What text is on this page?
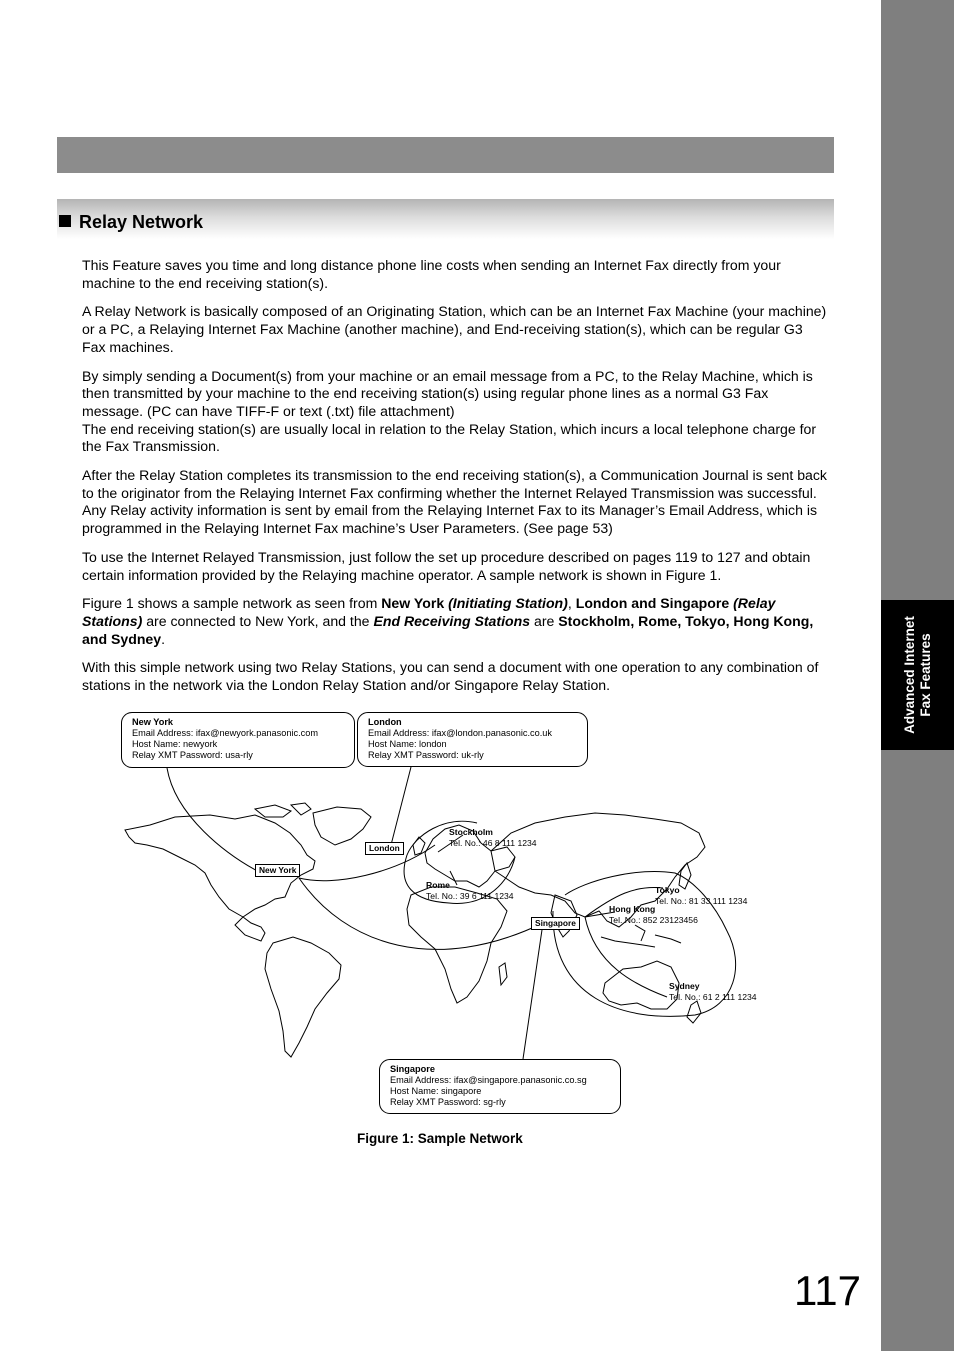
Advanced Internet Fax Features
Relay Network

This Feature saves you time and long distance phone line costs when sending an Internet Fax directly from your machine to the end receiving station(s).

A Relay Network is basically composed of an Originating Station, which can be an Internet Fax Machine (your machine) or a PC, a Relaying Internet Fax Machine (another machine), and End-receiving station(s), which can be regular G3 Fax machines.

By simply sending a Document(s) from your machine or an email message from a PC, to the Relay Machine, which is then transmitted by your machine to the end receiving station(s) using regular phone lines as a normal G3 Fax message. (PC can have TIFF-F or text (.txt) file attachment)

The end receiving station(s) are usually local in relation to the Relay Station, which incurs a local telephone charge for the Fax Transmission.

After the Relay Station completes its transmission to the end receiving station(s), a Communication Journal is sent back to the originator from the Relaying Internet Fax confirming whether the Internet Relayed Transmission was successful. Any Relay activity information is sent by email from the Relaying Internet Fax to its Manager’s Email Address, which is programmed in the Relaying Internet Fax machine’s User Parameters. (See page 53)

To use the Internet Relayed Transmission, just follow the set up procedure described on pages 119 to 127 and obtain certain information provided by the Relaying machine operator. A sample network is shown in Figure 1.

Figure 1 shows a sample network as seen from New York (Initiating Station), London and Singapore (Relay Stations) are connected to New York, and the End Receiving Stations are Stockholm, Rome, Tokyo, Hong Kong, and Sydney.

With this simple network using two Relay Stations, you can send a document with one operation to any combination of stations in the network via the London Relay Station and/or Singapore Relay Station.

New York
Email Address: ifax@newyork.panasonic.com
Host Name: newyork
Relay XMT Password: usa-rly
London
Email Address: ifax@london.panasonic.co.uk
Host Name: london
Relay XMT Password: uk-rly
Singapore
Email Address: ifax@singapore.panasonic.co.sg
Host Name: singapore
Relay XMT Password: sg-rly
London
New York
Singapore
Stockholm
Tel. No.: 46 8 111 1234
Rome
Tel. No.: 39 6 111 1234
Tokyo
Tel. No.: 81 33 111 1234
Hong Kong
Tel. No.: 852 23123456
Sydney
Tel. No.: 61 2 111 1234
Figure 1: Sample Network
117
